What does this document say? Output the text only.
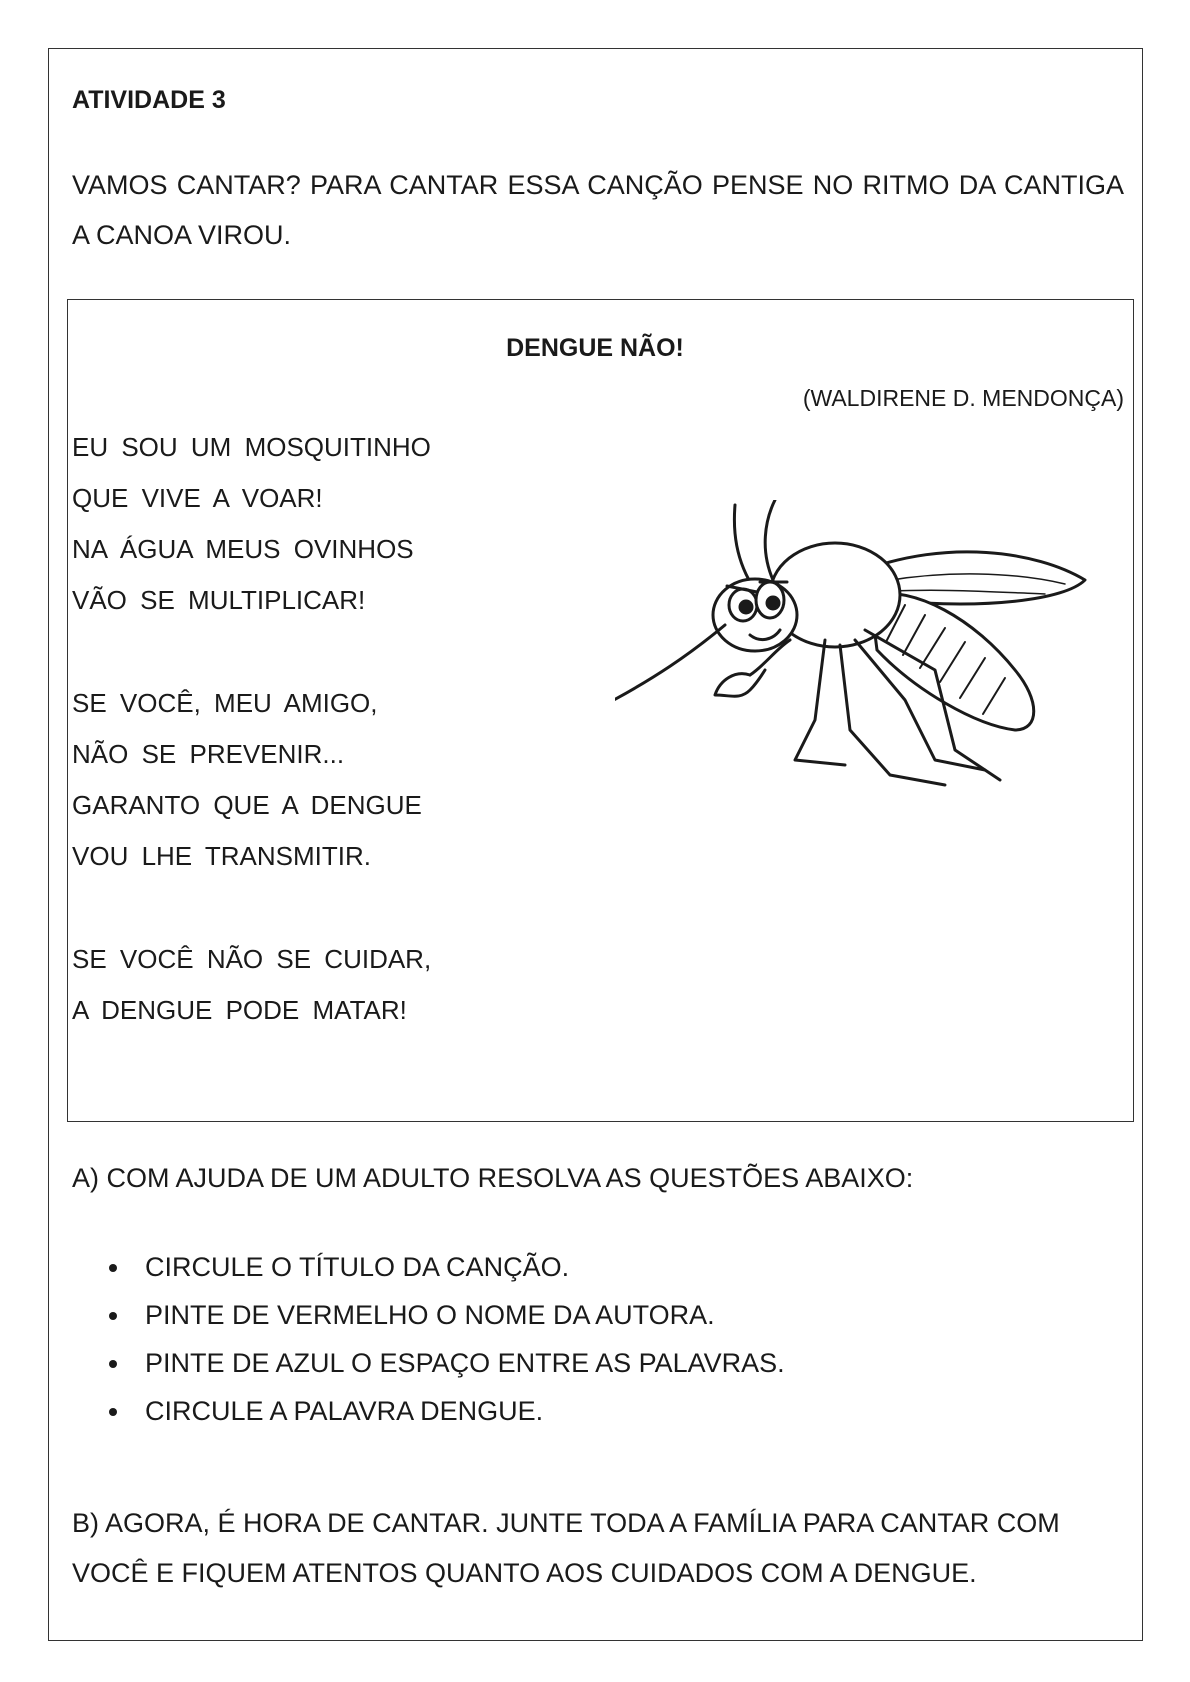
ATIVIDADE 3
VAMOS CANTAR? PARA CANTAR ESSA CANÇÃO PENSE NO RITMO DA CANTIGA A CANOA VIROU.
DENGUE NÃO!
(WALDIRENE D. MENDONÇA)
EU SOU UM MOSQUITINHO
QUE VIVE A VOAR!
NA ÁGUA MEUS OVINHOS
VÃO SE MULTIPLICAR!
SE VOCÊ, MEU AMIGO,
NÃO SE PREVENIR...
GARANTO QUE A DENGUE
VOU LHE TRANSMITIR.
SE VOCÊ NÃO SE CUIDAR,
A DENGUE PODE MATAR!
A) COM AJUDA DE UM ADULTO RESOLVA AS QUESTÕES ABAIXO:
CIRCULE O TÍTULO DA CANÇÃO.
PINTE DE VERMELHO O NOME DA AUTORA.
PINTE DE AZUL O ESPAÇO ENTRE AS PALAVRAS.
CIRCULE A PALAVRA DENGUE.
B) AGORA, É HORA DE CANTAR. JUNTE TODA A FAMÍLIA PARA CANTAR COM VOCÊ E FIQUEM ATENTOS QUANTO AOS CUIDADOS COM A DENGUE.
